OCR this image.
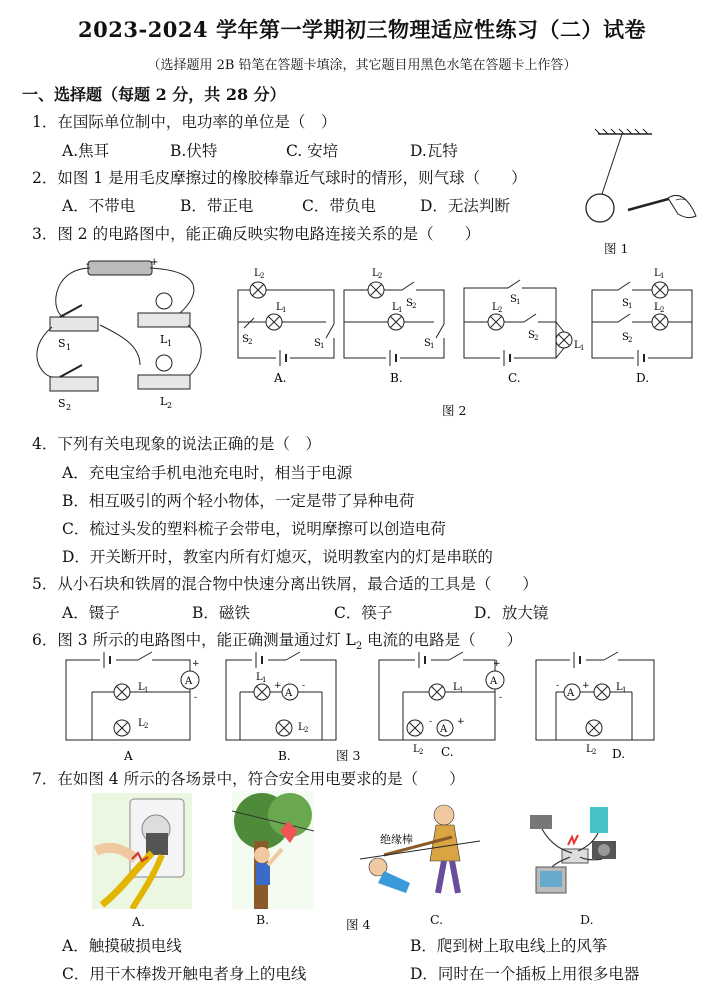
2023-2024 学年第一学期初三物理适应性练习（二）试卷
（选择题用 2B 铅笔在答题卡填涂，其它题目用黑色水笔在答题卡上作答）
一、选择题（每题 2 分，共 28 分）
1．在国际单位制中，电功率的单位是（　）
A.焦耳	B.伏特	C. 安培	D.瓦特
2．如图 1 是用毛皮摩擦过的橡胶棒靠近气球时的情形，则气球（　　）
A．不带电	B．带正电	C．带负电	D．无法判断
图 1
3．图 2 的电路图中，能正确反映实物电路连接关系的是（　　）
-	+
S 1
L 1
S 2	L 2
L 2
L 1
S 2	S 1
A.
L 2
S 2
L 1
S 1
B.
S 1
L 2
S 2
L 1
C.
S 1
L 1
S 2
L 2
D.
图 2
4．下列有关电现象的说法正确的是（　）
A．充电宝给手机电池充电时，相当于电源
B．相互吸引的两个轻小物体，一定是带了异种电荷
C．梳过头发的塑料梳子会带电，说明摩擦可以创造电荷
D．开关断开时，教室内所有灯熄灭，说明教室内的灯是串联的
5．从小石块和铁屑的混合物中快速分离出铁屑，最合适的工具是（　　）
A．镊子	B．磁铁	C．筷子	D．放大镜
6．图 3 所示的电路图中，能正确测量通过灯 $L_2$ 电流的电路是（　　）
L 1
L 2
A
+
-
A
L 1
A
+ -
L 2
B.
L 1
A
+
-
A
-	+
L 2 C.
A
-	+	L 1
L 2 D.
图 3
7．在如图 4 所示的各场景中，符合安全用电要求的是（　　）
绝缘棒
A．	B.	图 4	C.	D.
A．触摸破损电线	B．爬到树上取电线上的风筝
C．用干木棒拨开触电者身上的电线	D．同时在一个插板上用很多电器
